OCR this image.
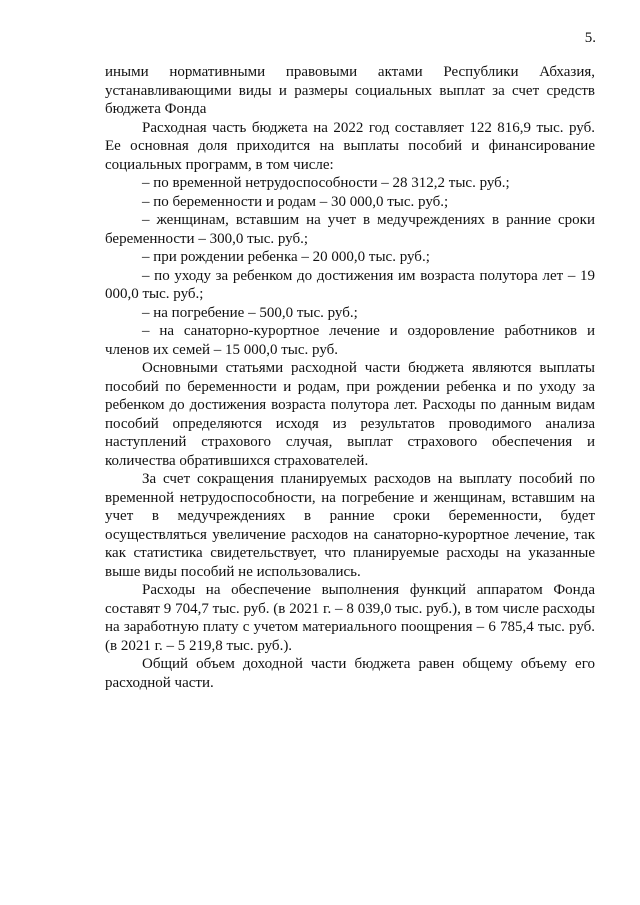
5.

иными нормативными правовыми актами Республики Абхазия, устанавливающими виды и размеры социальных выплат за счет средств бюджета Фонда

Расходная часть бюджета на 2022 год составляет 122 816,9 тыс. руб. Ее основная доля приходится на выплаты пособий и финансирование социальных программ, в том числе:

– по временной нетрудоспособности – 28 312,2 тыс. руб.;

– по беременности и родам – 30 000,0 тыс. руб.;

– женщинам, вставшим на учет в медучреждениях в ранние сроки беременности – 300,0 тыс. руб.;

– при рождении ребенка – 20 000,0 тыс. руб.;

– по уходу за ребенком до достижения им возраста полутора лет – 19 000,0 тыс. руб.;

– на погребение – 500,0 тыс. руб.;

– на санаторно-курортное лечение и оздоровление работников и членов их семей – 15 000,0 тыс. руб.

Основными статьями расходной части бюджета являются выплаты пособий по беременности и родам, при рождении ребенка и по уходу за ребенком до достижения возраста полутора лет. Расходы по данным видам пособий определяются исходя из результатов проводимого анализа наступлений страхового случая, выплат страхового обеспечения и количества обратившихся страхователей.

За счет сокращения планируемых расходов на выплату пособий по временной нетрудоспособности, на погребение и женщинам, вставшим на учет в медучреждениях в ранние сроки беременности, будет осуществляться увеличение расходов на санаторно-курортное лечение, так как статистика свидетельствует, что планируемые расходы на указанные выше виды пособий не использовались.

Расходы на обеспечение выполнения функций аппаратом Фонда составят 9 704,7 тыс. руб. (в 2021 г. – 8 039,0 тыс. руб.), в том числе расходы на заработную плату с учетом материального поощрения – 6 785,4 тыс. руб. (в 2021 г. – 5 219,8 тыс. руб.).

Общий объем доходной части бюджета равен общему объему его расходной части.
